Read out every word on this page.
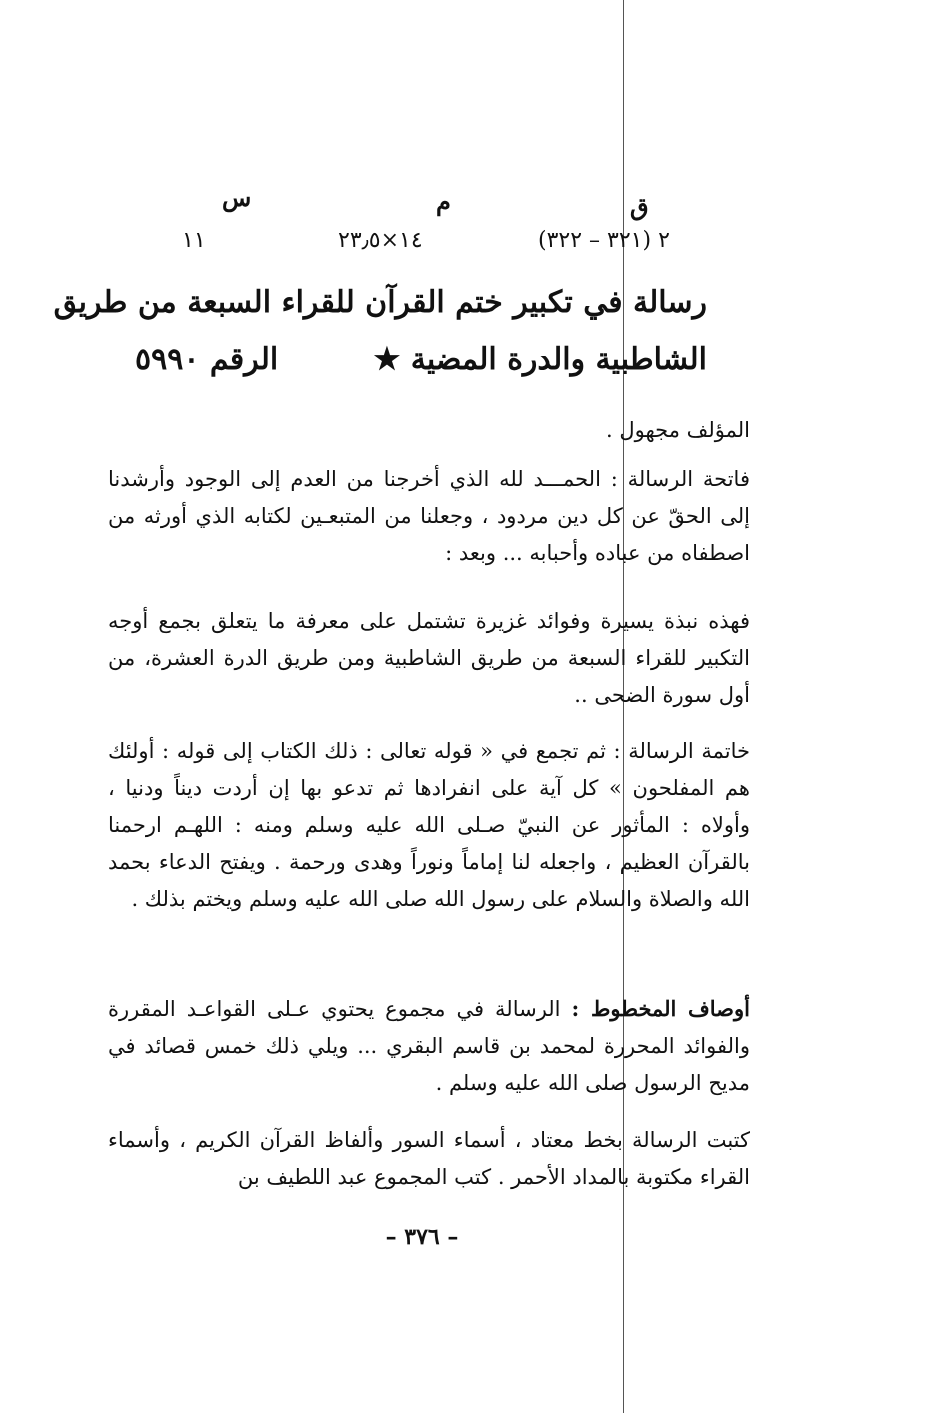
ق
م
س
٢ (٣٢١ – ٣٢٢)
١٤×٢٣٫٥
١١
رسالة في تكبير ختم القرآن للقراء السبعة من طريق
الشاطبية والدرة المضية ★
الرقم ٥٩٩٠
المؤلف مجهول .
فاتحة الرسالة : الحمـــد لله الذي أخرجنا من العدم إلى الوجود وأرشدنا إلى الحقّ عن كل دين مردود ، وجعلنا من المتبعـين لكتابه الذي أورثه من اصطفاه من عباده وأحبابه ... وبعد :
فهذه نبذة يسيرة وفوائد غزيرة تشتمل على معرفة ما يتعلق بجمع أوجه التكبير للقراء السبعة من طريق الشاطبية ومن طريق الدرة العشرة، من أول سورة الضحى ..
خاتمة الرسالة : ثم تجمع في « قوله تعالى : ذلك الكتاب إلى قوله : أولئك هم المفلحون » كل آية على انفرادها ثم تدعو بها إن أردت ديناً ودنيا ، وأولاه : المأثور عن النبيّ صـلى الله عليه وسلم ومنه : اللهـم ارحمنا بالقرآن العظيم ، واجعله لنا إماماً ونوراً وهدى ورحمة . ويفتح الدعاء بحمد الله والصلاة والسلام على رسول الله صلى الله عليه وسلم ويختم بذلك .
أوصاف المخطوط : الرسالة في مجموع يحتوي عـلى القواعـد المقررة والفوائد المحررة لمحمد بن قاسم البقري ... ويلي ذلك خمس قصائد في مديح الرسول صلى الله عليه وسلم .
كتبت الرسالة بخط معتاد ، أسماء السور وألفاظ القرآن الكريم ، وأسماء القراء مكتوبة بالمداد الأحمر . كتب المجموع عبد اللطيف بن
– ٣٧٦ –
